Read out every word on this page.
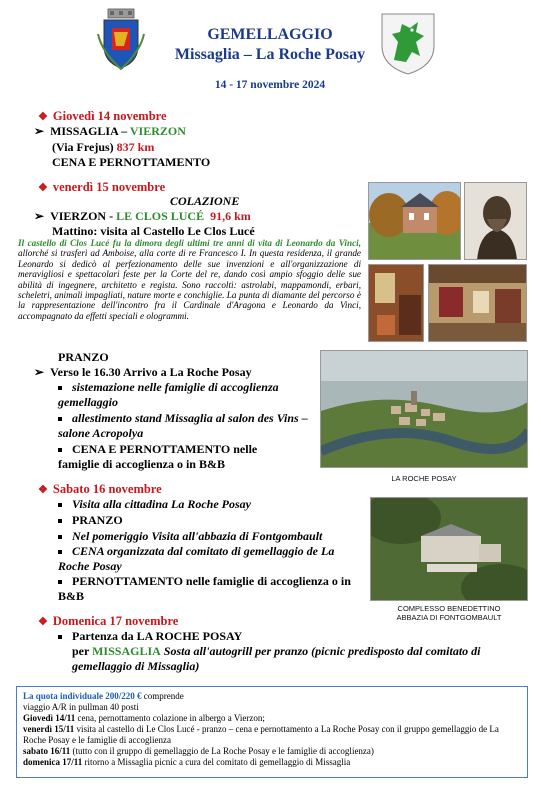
GEMELLAGGIO
Missaglia – La Roche Posay
14 - 17 novembre 2024
❖ Giovedì 14 novembre
➢ MISSAGLIA – VIERZON
(Via Frejus) 837 km
CENA E PERNOTTAMENTO
❖ venerdì 15 novembre
COLAZIONE
➢ VIERZON - LE CLOS LUCÉ 91,6 km
Mattino: visita al Castello Le Clos Lucé
Il castello di Clos Lucé fu la dimora degli ultimi tre anni di vita di Leonardo da Vinci, allorché si trasferì ad Amboise, alla corte di re Francesco I. In questa residenza, il grande Leonardo si dedicò al perfezionamento delle sue invenzioni e all'organizzazione di meravigliosi e spettacolari feste per la Corte del re, dando così ampio sfoggio delle sue abilità di ingegnere, architetto e regista. Sono raccolti: astrolabi, mappamondi, erbari, scheletri, animali impagliati, nature morte e conchiglie. La punta di diamante del percorso è la rappresentazione dell'incontro fra il Cardinale d'Aragona e Leonardo da Vinci, accompagnato da effetti speciali e ologrammi.
PRANZO
➢ Verso le 16.30 Arrivo a La Roche Posay
sistemazione nelle famiglie di accoglienza gemellaggio
allestimento stand Missaglia al salon des Vins – salone Acropolya
CENA E PERNOTTAMENTO nelle famiglie di accoglienza o in B&B
LA ROCHE POSAY
❖ Sabato 16 novembre
Visita alla cittadina La Roche Posay
PRANZO
Nel pomeriggio Visita all'abbazia di Fontgombault
CENA organizzata dal comitato di gemellaggio de La Roche Posay
PERNOTTAMENTO nelle famiglie di accoglienza o in B&B
COMPLESSO BENEDETTINO
ABBAZIA DI FONTGOMBAULT
❖ Domenica 17 novembre
Partenza da LA ROCHE POSAY
per MISSAGLIA Sosta all'autogrill per pranzo (picnic predisposto dal comitato di gemellaggio di Missaglia)
La quota individuale 200/220 € comprende
viaggio A/R in pullman 40 posti
Giovedì 14/11 cena, pernottamento colazione in albergo a Vierzon;
venerdì 15/11 visita al castello di Le Clos Lucé - pranzo – cena e pernottamento a La Roche Posay con il gruppo gemellaggio de La Roche Posay e le famiglie di accoglienza
sabato 16/11 (tutto con il gruppo di gemellaggio de La Roche Posay e le famiglie di accoglienza)
domenica 17/11 ritorno a Missaglia picnic a cura del comitato di gemellaggio di Missaglia
